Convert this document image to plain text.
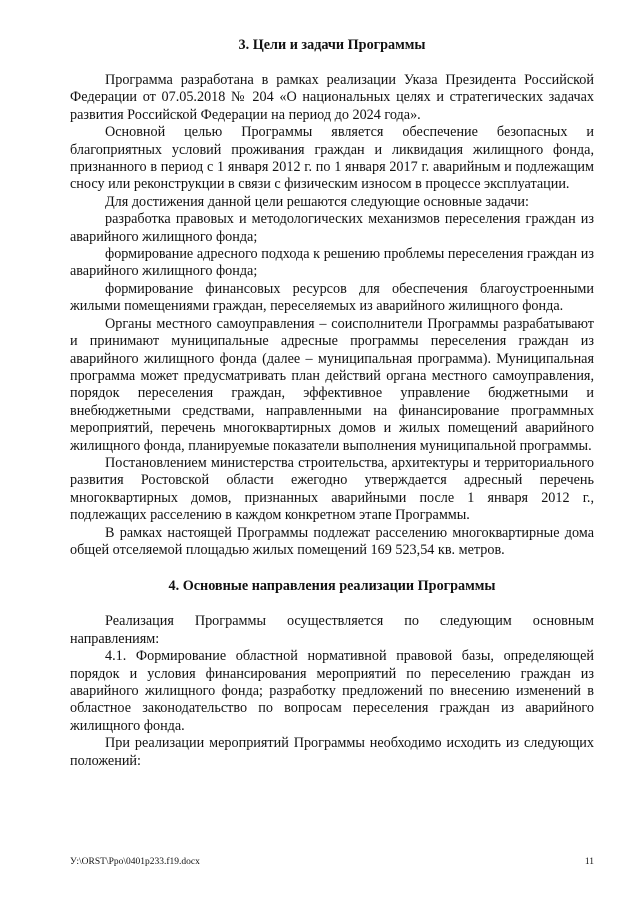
3. Цели и задачи Программы

Программа разработана в рамках реализации Указа Президента Российской Федерации от 07.05.2018 № 204 «О национальных целях и стратегических задачах развития Российской Федерации на период до 2024 года».

Основной целью Программы является обеспечение безопасных и благоприятных условий проживания граждан и ликвидация жилищного фонда, признанного в период с 1 января 2012 г. по 1 января 2017 г. аварийным и подлежащим сносу или реконструкции в связи с физическим износом в процессе эксплуатации.

Для достижения данной цели решаются следующие основные задачи:

разработка правовых и методологических механизмов переселения граждан из аварийного жилищного фонда;

формирование адресного подхода к решению проблемы переселения граждан из аварийного жилищного фонда;

формирование финансовых ресурсов для обеспечения благоустроенными жилыми помещениями граждан, переселяемых из аварийного жилищного фонда.

Органы местного самоуправления – соисполнители Программы разрабатывают и принимают муниципальные адресные программы переселения граждан из аварийного жилищного фонда (далее – муниципальная программа). Муниципальная программа может предусматривать план действий органа местного самоуправления, порядок переселения граждан, эффективное управление бюджетными и внебюджетными средствами, направленными на финансирование программных мероприятий, перечень многоквартирных домов и жилых помещений аварийного жилищного фонда, планируемые показатели выполнения муниципальной программы.

Постановлением министерства строительства, архитектуры и территориального развития Ростовской области ежегодно утверждается адресный перечень многоквартирных домов, признанных аварийными после 1 января 2012 г., подлежащих расселению в каждом конкретном этапе Программы.

В рамках настоящей Программы подлежат расселению многоквартирные дома общей отселяемой площадью жилых помещений 169 523,54 кв. метров.

4. Основные направления реализации Программы

Реализация Программы осуществляется по следующим основным направлениям:

4.1. Формирование областной нормативной правовой базы, определяющей порядок и условия финансирования мероприятий по переселению граждан из аварийного жилищного фонда; разработку предложений по внесению изменений в областное законодательство по вопросам переселения граждан из аварийного жилищного фонда.

При реализации мероприятий Программы необходимо исходить из следующих положений:

У:\ORST\Ppo\0401p233.f19.docx	11
